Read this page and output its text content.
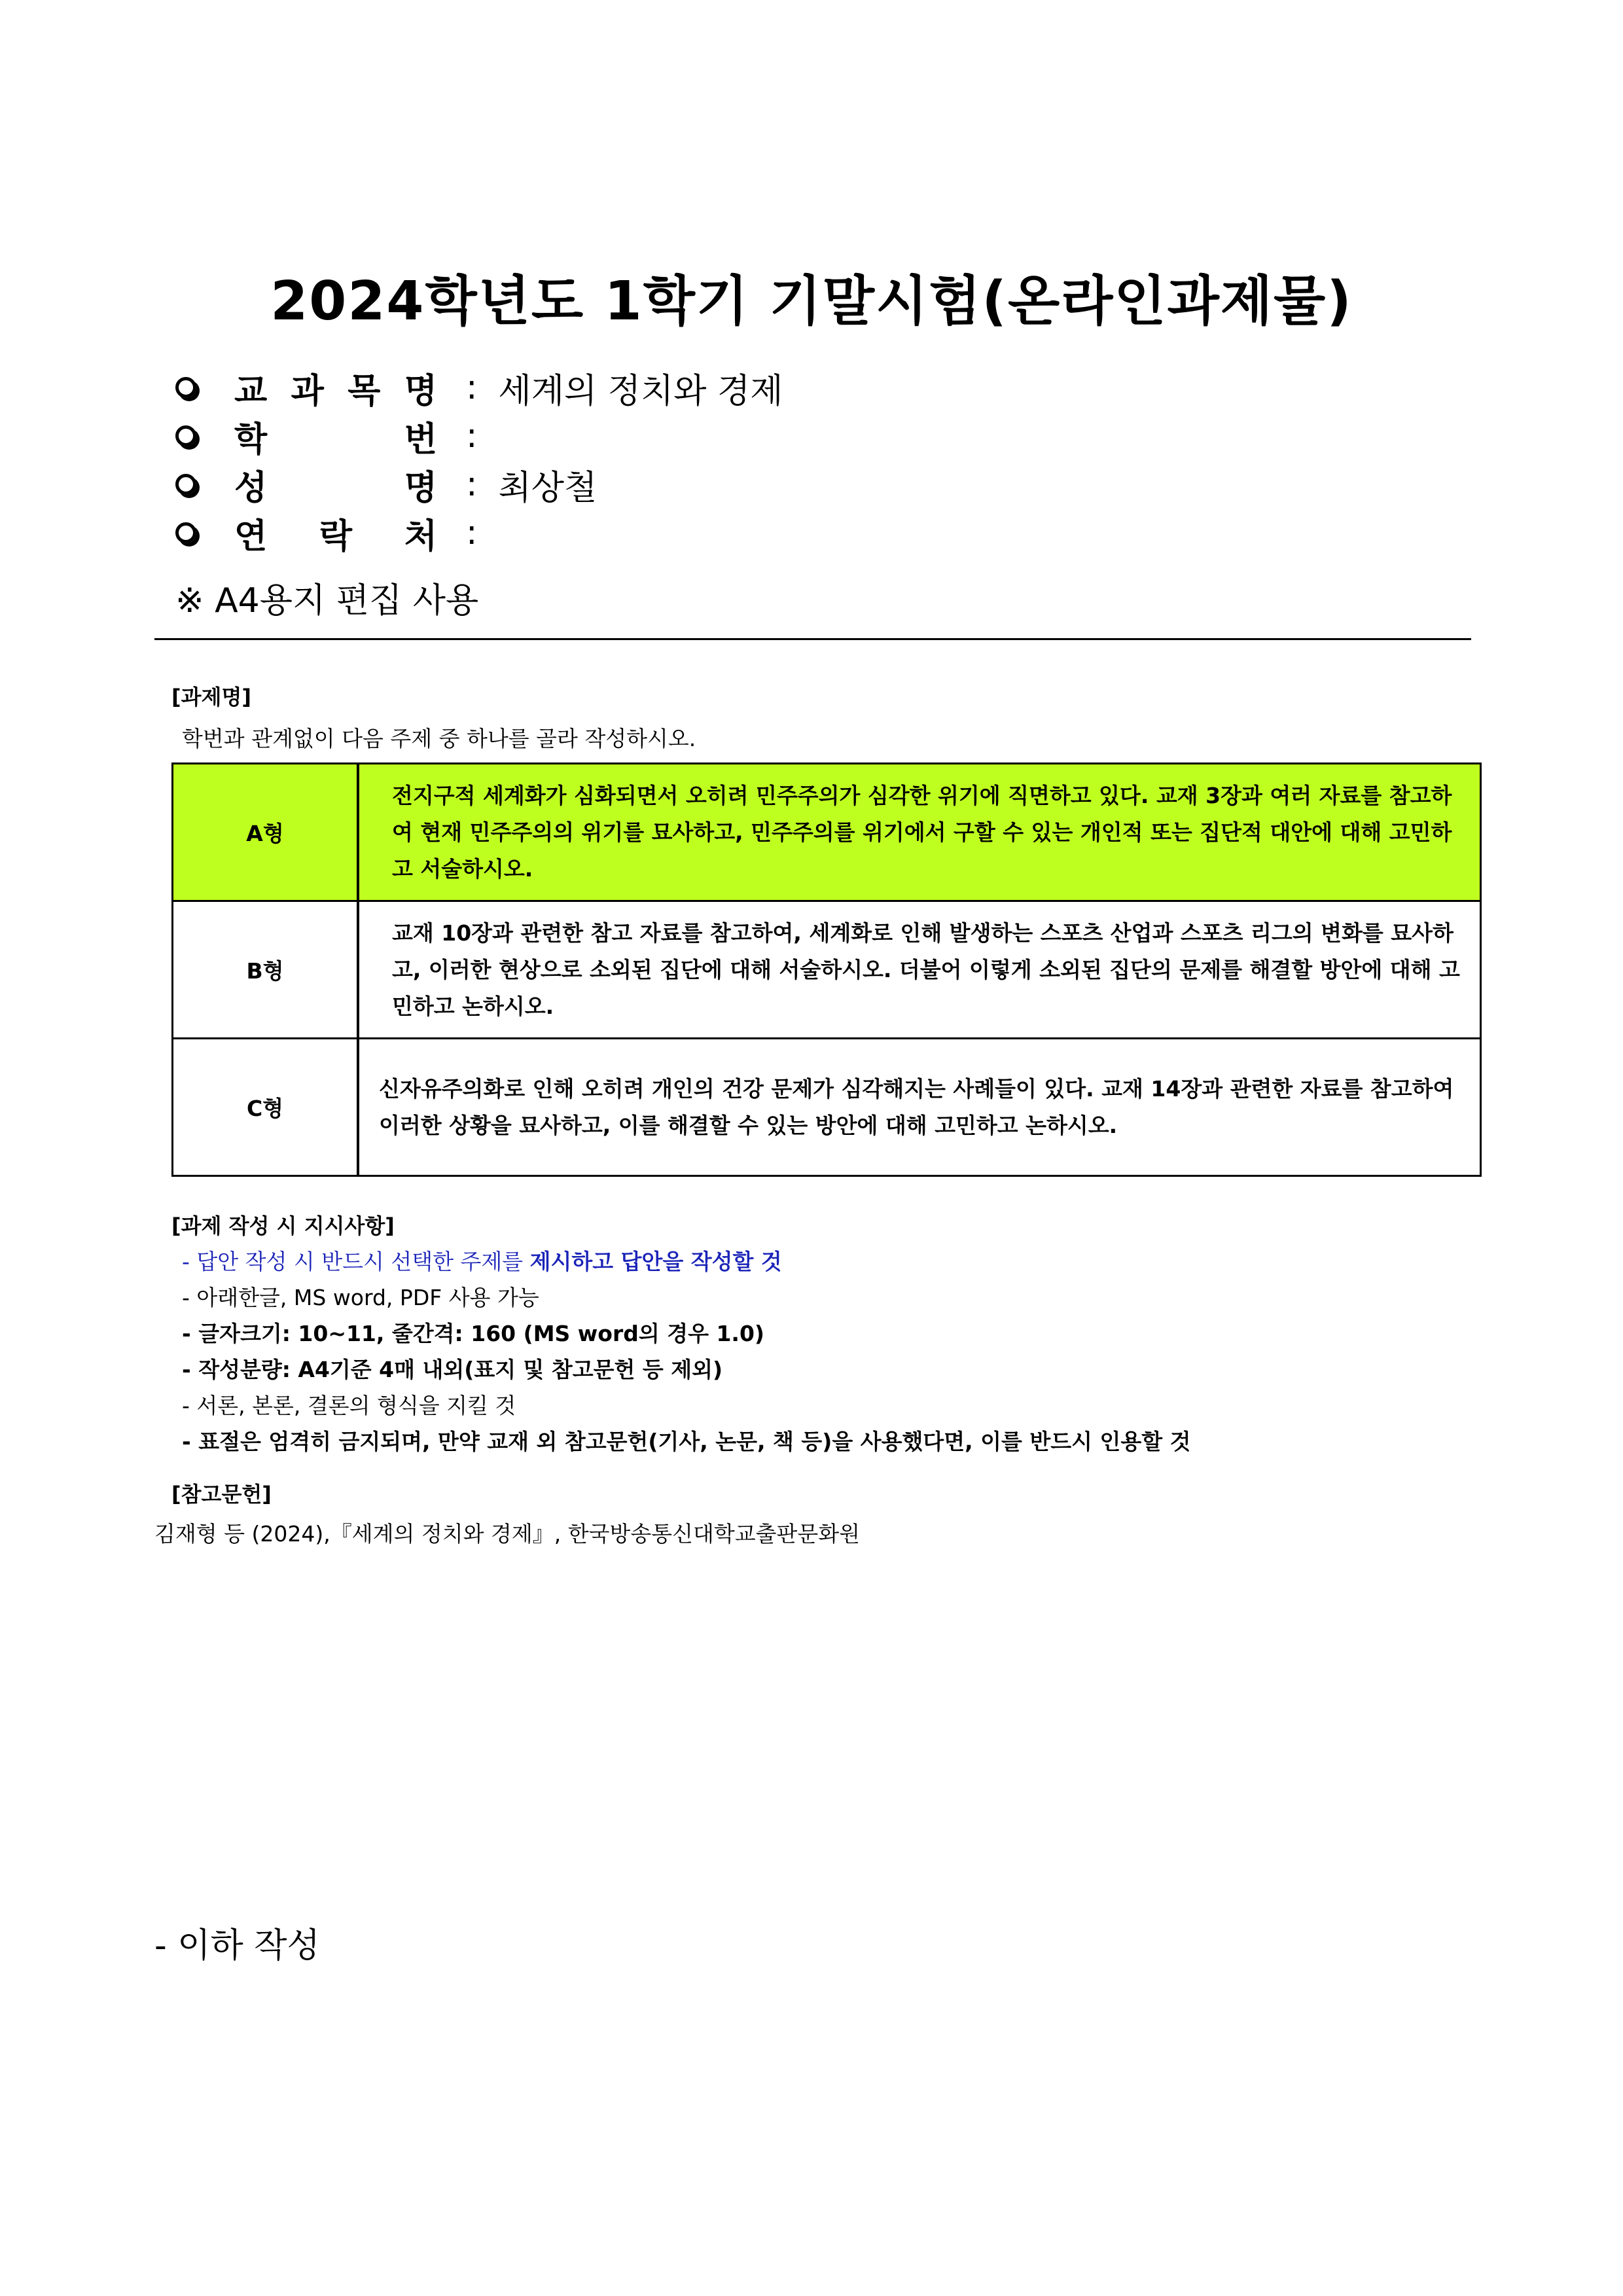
2024학년도 1학기 기말시험(온라인과제물)
교 과 목 명 : 세계의 정치와 경제
학	번 :
성	명 : 최상철
연 락 처 :
※ A4용지 편집 사용
[과제명]
학번과 관계없이 다음 주제 중 하나를 골라 작성하시오.
A형	전지구적 세계화가 심화되면서 오히려 민주주의가 심각한 위기에 직면하고 있다. 교재 3장과 여러 자료를 참고하여 현재 민주주의의 위기를 묘사하고, 민주주의를 위기에서 구할 수 있는 개인적 또는 집단적 대안에 대해 고민하고 서술하시오.
B형	교재 10장과 관련한 참고 자료를 참고하여, 세계화로 인해 발생하는 스포츠 산업과 스포츠 리그의 변화를 묘사하고, 이러한 현상으로 소외된 집단에 대해 서술하시오. 더불어 이렇게 소외된 집단의 문제를 해결할 방안에 대해 고민하고 논하시오.
C형	신자유주의화로 인해 오히려 개인의 건강 문제가 심각해지는 사례들이 있다. 교재 14장과 관련한 자료를 참고하여 이러한 상황을 묘사하고, 이를 해결할 수 있는 방안에 대해 고민하고 논하시오.
[과제 작성 시 지시사항]
- 답안 작성 시 반드시 선택한 주제를 제시하고 답안을 작성할 것
- 아래한글, MS word, PDF 사용 가능
- 글자크기: 10~11, 줄간격: 160 (MS word의 경우 1.0)
- 작성분량: A4기준 4매 내외(표지 및 참고문헌 등 제외)
- 서론, 본론, 결론의 형식을 지킬 것
- 표절은 엄격히 금지되며, 만약 교재 외 참고문헌(기사, 논문, 책 등)을 사용했다면, 이를 반드시 인용할 것
[참고문헌]
김재형 등 (2024),『세계의 정치와 경제』, 한국방송통신대학교출판문화원
- 이하 작성
